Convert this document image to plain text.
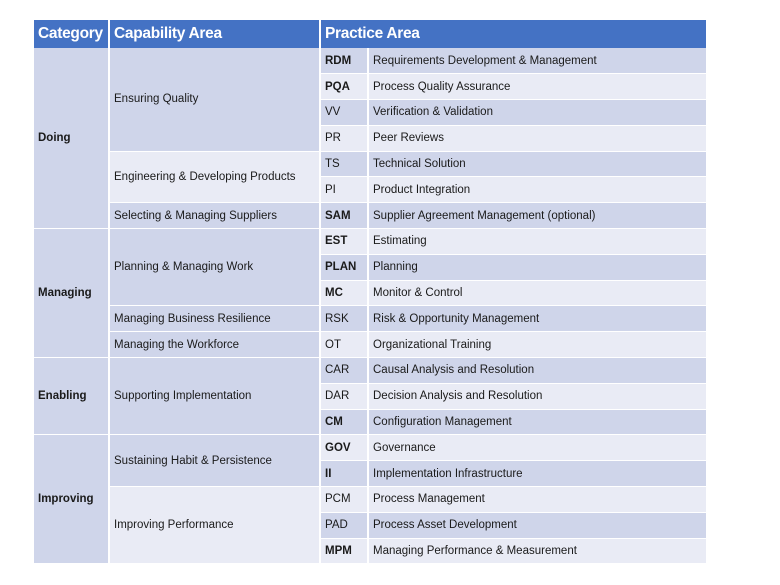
Category	Capability Area	Practice Area	
Doing	Ensuring Quality	RDM	Requirements Development & Management
		PQA	Process Quality Assurance
		VV	Verification & Validation
		PR	Peer Reviews
	Engineering & Developing Products	TS	Technical Solution
		PI	Product Integration
	Selecting & Managing Suppliers	SAM	Supplier Agreement Management (optional)
Managing	Planning & Managing Work	EST	Estimating
		PLAN	Planning
		MC	Monitor & Control
	Managing Business Resilience	RSK	Risk & Opportunity Management
	Managing the Workforce	OT	Organizational Training
Enabling	Supporting Implementation	CAR	Causal Analysis and Resolution
		DAR	Decision Analysis and Resolution
		CM	Configuration Management
Improving	Sustaining Habit & Persistence	GOV	Governance
		II	Implementation Infrastructure
	Improving Performance	PCM	Process Management
		PAD	Process Asset Development
		MPM	Managing Performance & Measurement
